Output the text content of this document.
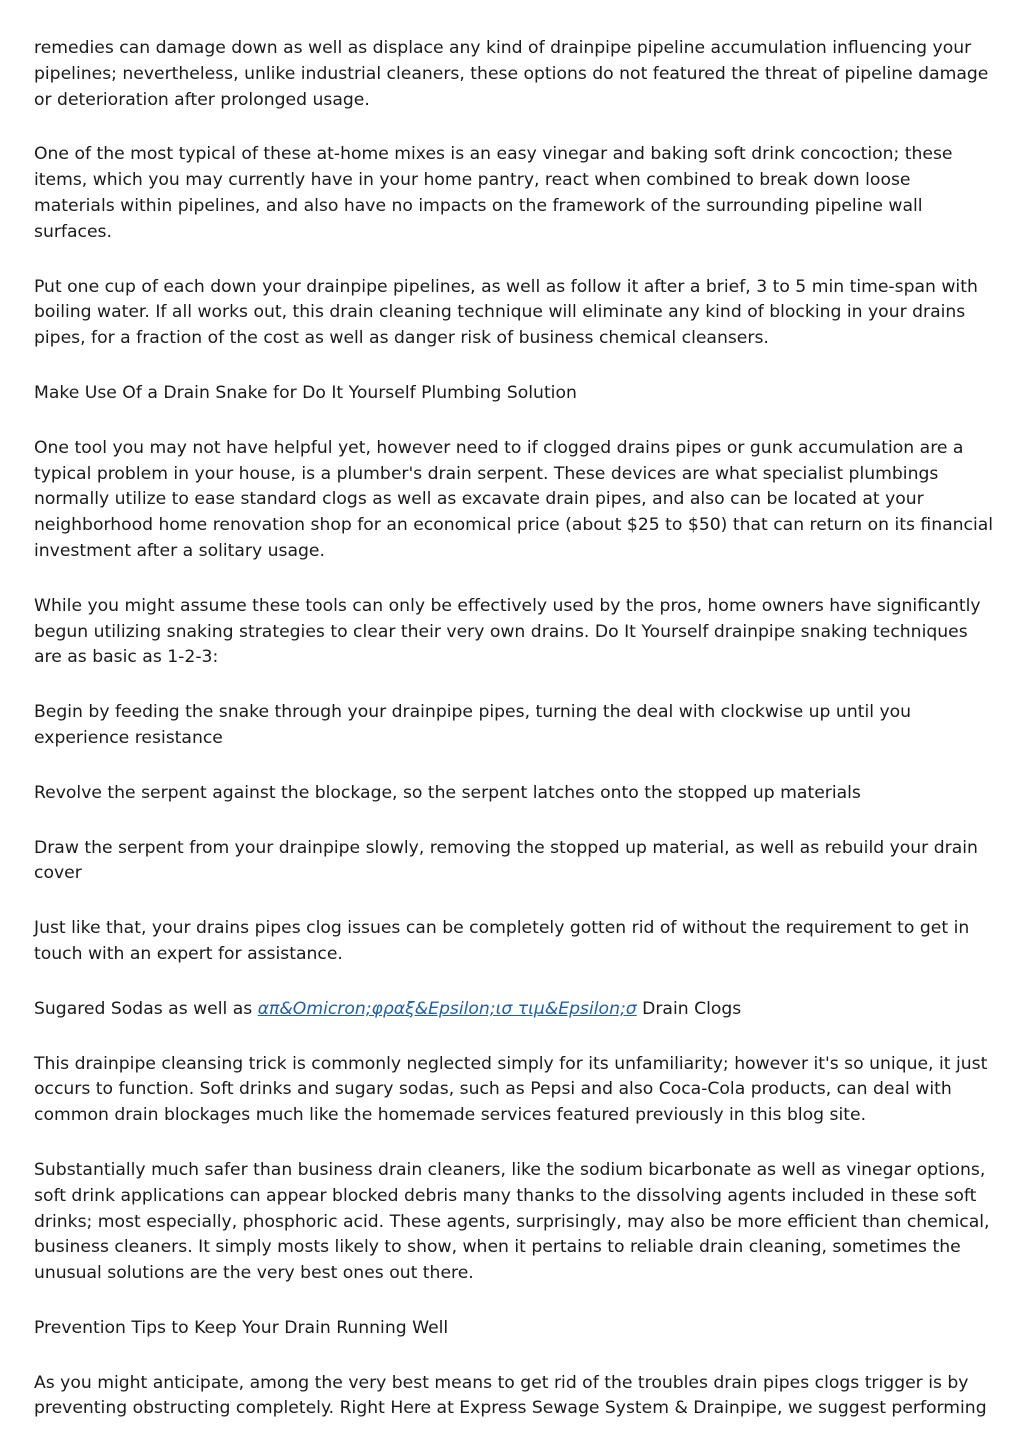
remedies can damage down as well as displace any kind of drainpipe pipeline accumulation influencing your pipelines; nevertheless, unlike industrial cleaners, these options do not featured the threat of pipeline damage or deterioration after prolonged usage.

One of the most typical of these at-home mixes is an easy vinegar and baking soft drink concoction; these items, which you may currently have in your home pantry, react when combined to break down loose materials within pipelines, and also have no impacts on the framework of the surrounding pipeline wall surfaces.

Put one cup of each down your drainpipe pipelines, as well as follow it after a brief, 3 to 5 min time-span with boiling water. If all works out, this drain cleaning technique will eliminate any kind of blocking in your drains pipes, for a fraction of the cost as well as danger risk of business chemical cleansers.

Make Use Of a Drain Snake for Do It Yourself Plumbing Solution

One tool you may not have helpful yet, however need to if clogged drains pipes or gunk accumulation are a typical problem in your house, is a plumber's drain serpent. These devices are what specialist plumbings normally utilize to ease standard clogs as well as excavate drain pipes, and also can be located at your neighborhood home renovation shop for an economical price (about $25 to $50) that can return on its financial investment after a solitary usage.

While you might assume these tools can only be effectively used by the pros, home owners have significantly begun utilizing snaking strategies to clear their very own drains. Do It Yourself drainpipe snaking techniques are as basic as 1-2-3:

Begin by feeding the snake through your drainpipe pipes, turning the deal with clockwise up until you experience resistance

Revolve the serpent against the blockage, so the serpent latches onto the stopped up materials

Draw the serpent from your drainpipe slowly, removing the stopped up material, as well as rebuild your drain cover

Just like that, your drains pipes clog issues can be completely gotten rid of without the requirement to get in touch with an expert for assistance.

Sugared Sodas as well as απ&Omicron;φραξ&Epsilon;ισ τιμ&Epsilon;σ Drain Clogs

This drainpipe cleansing trick is commonly neglected simply for its unfamiliarity; however it's so unique, it just occurs to function. Soft drinks and sugary sodas, such as Pepsi and also Coca-Cola products, can deal with common drain blockages much like the homemade services featured previously in this blog site.

Substantially much safer than business drain cleaners, like the sodium bicarbonate as well as vinegar options, soft drink applications can appear blocked debris many thanks to the dissolving agents included in these soft drinks; most especially, phosphoric acid. These agents, surprisingly, may also be more efficient than chemical, business cleaners. It simply mosts likely to show, when it pertains to reliable drain cleaning, sometimes the unusual solutions are the very best ones out there.

Prevention Tips to Keep Your Drain Running Well

As you might anticipate, among the very best means to get rid of the troubles drain pipes clogs trigger is by preventing obstructing completely. Right Here at Express Sewage System & Drainpipe, we suggest performing
